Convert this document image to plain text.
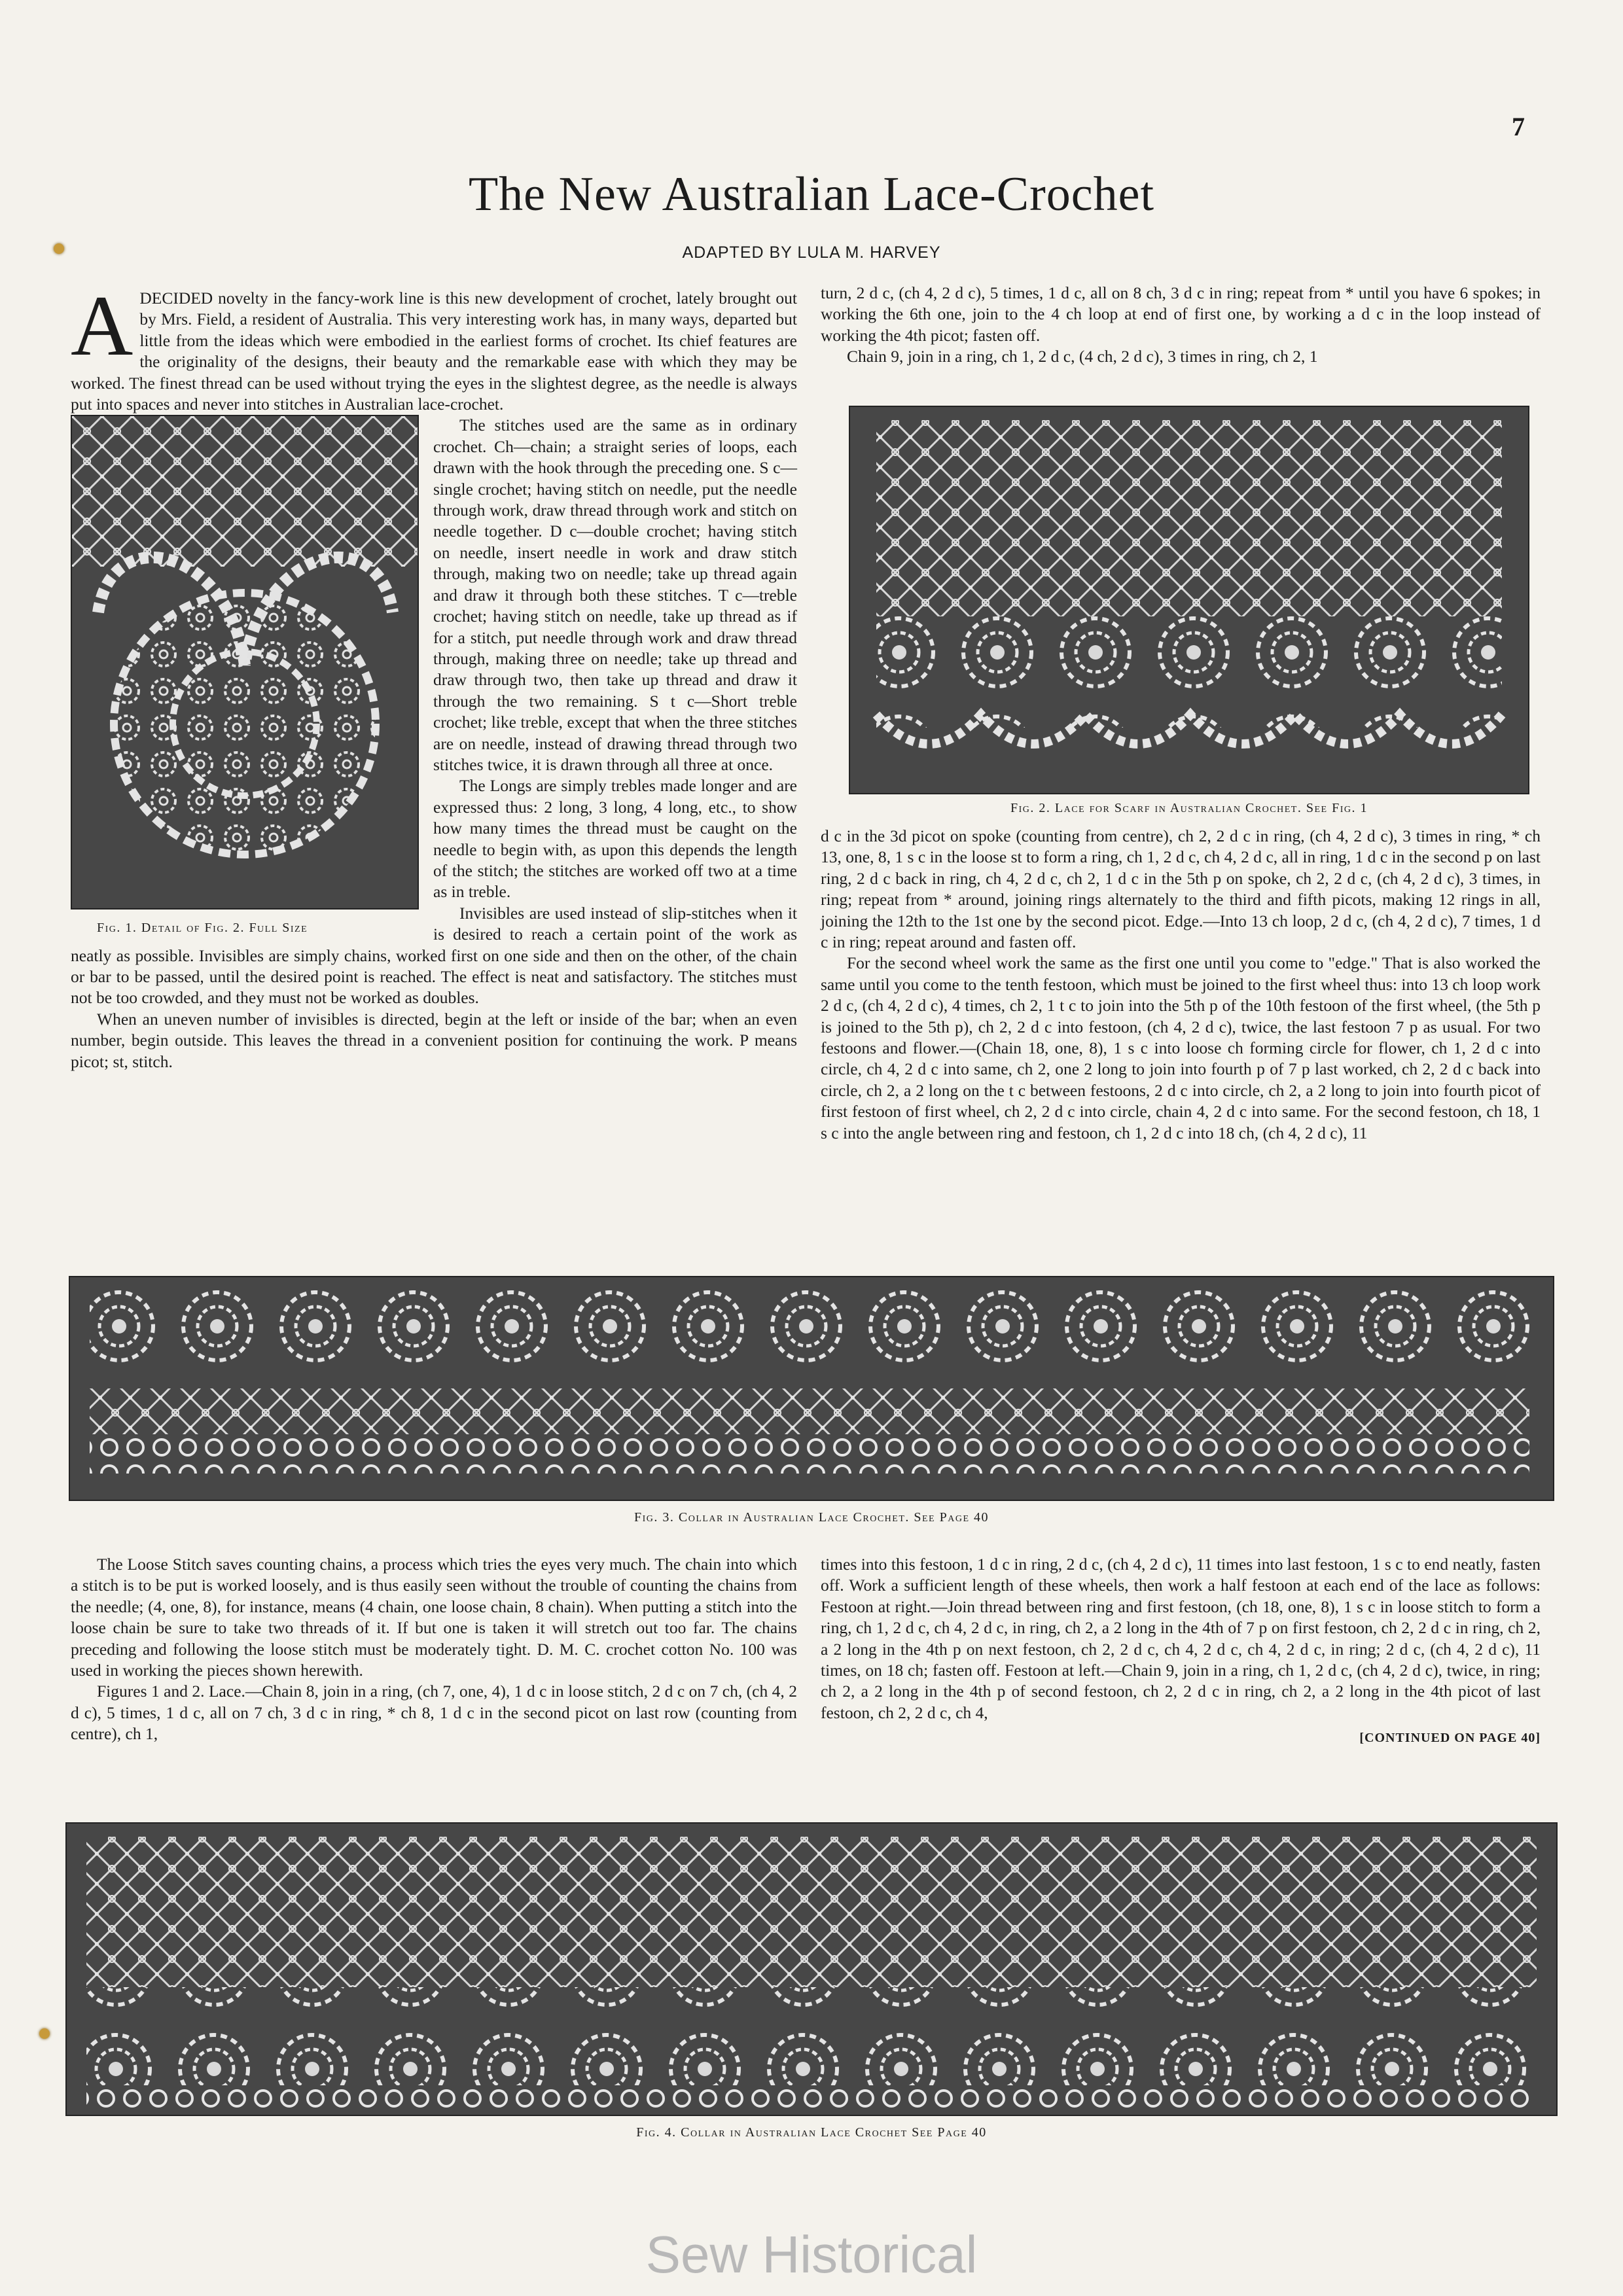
7
The New Australian Lace-Crochet
ADAPTED BY LULA M. HARVEY
A DECIDED novelty in the fancy-work line is this new development of crochet, lately brought out by Mrs. Field, a resident of Australia. This very interesting work has, in many ways, departed but little from the ideas which were embodied in the earliest forms of crochet. Its chief features are the originality of the designs, their beauty and the remarkable ease with which they may be worked. The finest thread can be used without trying the eyes in the slightest degree, as the needle is always put into spaces and never into stitches in Australian lace-crochet.

Fig. 1. Detail of Fig. 2. Full Size

The stitches used are the same as in ordinary crochet. Ch—chain; a straight series of loops, each drawn with the hook through the preceding one. S c—single crochet; having stitch on needle, put the needle through work, draw thread through work and stitch on needle together. D c—double crochet; having stitch on needle, insert needle in work and draw stitch through, making two on needle; take up thread again and draw it through both these stitches. T c—treble crochet; having stitch on needle, take up thread as if for a stitch, put needle through work and draw thread through, making three on needle; take up thread and draw through two, then take up thread and draw it through the two remaining. S t c—Short treble crochet; like treble, except that when the three stitches are on needle, instead of drawing thread through two stitches twice, it is drawn through all three at once.

The Longs are simply trebles made longer and are expressed thus: 2 long, 3 long, 4 long, etc., to show how many times the thread must be caught on the needle to begin with, as upon this depends the length of the stitch; the stitches are worked off two at a time as in treble.

Invisibles are used instead of slip-stitches when it is desired to reach a certain point of the work as neatly as possible. Invisibles are simply chains, worked first on one side and then on the other, of the chain or bar to be passed, until the desired point is reached. The effect is neat and satisfactory. The stitches must not be too crowded, and they must not be worked as doubles.

When an uneven number of invisibles is directed, begin at the left or inside of the bar; when an even number, begin outside. This leaves the thread in a convenient position for continuing the work. P means picot; st, stitch.

turn, 2 d c, (ch 4, 2 d c), 5 times, 1 d c, all on 8 ch, 3 d c in ring; repeat from * until you have 6 spokes; in working the 6th one, join to the 4 ch loop at end of first one, by working a d c in the loop instead of working the 4th picot; fasten off.

Chain 9, join in a ring, ch 1, 2 d c, (4 ch, 2 d c), 3 times in ring, ch 2, 1

Fig. 2. Lace for Scarf in Australian Crochet. See Fig. 1

d c in the 3d picot on spoke (counting from centre), ch 2, 2 d c in ring, (ch 4, 2 d c), 3 times in ring, * ch 13, one, 8, 1 s c in the loose st to form a ring, ch 1, 2 d c, ch 4, 2 d c, all in ring, 1 d c in the second p on last ring, 2 d c back in ring, ch 4, 2 d c, ch 2, 1 d c in the 5th p on spoke, ch 2, 2 d c, (ch 4, 2 d c), 3 times, in ring; repeat from * around, joining rings alternately to the third and fifth picots, making 12 rings in all, joining the 12th to the 1st one by the second picot. Edge.—Into 13 ch loop, 2 d c, (ch 4, 2 d c), 7 times, 1 d c in ring; repeat around and fasten off.

For the second wheel work the same as the first one until you come to "edge." That is also worked the same until you come to the tenth festoon, which must be joined to the first wheel thus: into 13 ch loop work 2 d c, (ch 4, 2 d c), 4 times, ch 2, 1 t c to join into the 5th p of the 10th festoon of the first wheel, (the 5th p is joined to the 5th p), ch 2, 2 d c into festoon, (ch 4, 2 d c), twice, the last festoon 7 p as usual. For two festoons and flower.—(Chain 18, one, 8), 1 s c into loose ch forming circle for flower, ch 1, 2 d c into circle, ch 4, 2 d c into same, ch 2, one 2 long to join into fourth p of 7 p last worked, ch 2, 2 d c back into circle, ch 2, a 2 long on the t c between festoons, 2 d c into circle, ch 2, a 2 long to join into fourth picot of first festoon of first wheel, ch 2, 2 d c into circle, chain 4, 2 d c into same. For the second festoon, ch 18, 1 s c into the angle between ring and festoon, ch 1, 2 d c into 18 ch, (ch 4, 2 d c), 11

Fig. 3. Collar in Australian Lace Crochet. See Page 40

The Loose Stitch saves counting chains, a process which tries the eyes very much. The chain into which a stitch is to be put is worked loosely, and is thus easily seen without the trouble of counting the chains from the needle; (4, one, 8), for instance, means (4 chain, one loose chain, 8 chain). When putting a stitch into the loose chain be sure to take two threads of it. If but one is taken it will stretch out too far. The chains preceding and following the loose stitch must be moderately tight. D. M. C. crochet cotton No. 100 was used in working the pieces shown herewith.

Figures 1 and 2. Lace.—Chain 8, join in a ring, (ch 7, one, 4), 1 d c in loose stitch, 2 d c on 7 ch, (ch 4, 2 d c), 5 times, 1 d c, all on 7 ch, 3 d c in ring, * ch 8, 1 d c in the second picot on last row (counting from centre), ch 1,

times into this festoon, 1 d c in ring, 2 d c, (ch 4, 2 d c), 11 times into last festoon, 1 s c to end neatly, fasten off. Work a sufficient length of these wheels, then work a half festoon at each end of the lace as follows: Festoon at right.—Join thread between ring and first festoon, (ch 18, one, 8), 1 s c in loose stitch to form a ring, ch 1, 2 d c, ch 4, 2 d c, in ring, ch 2, a 2 long in the 4th of 7 p on first festoon, ch 2, 2 d c in ring, ch 2, a 2 long in the 4th p on next festoon, ch 2, 2 d c, ch 4, 2 d c, ch 4, 2 d c, in ring; 2 d c, (ch 4, 2 d c), 11 times, on 18 ch; fasten off. Festoon at left.—Chain 9, join in a ring, ch 1, 2 d c, (ch 4, 2 d c), twice, in ring; ch 2, a 2 long in the 4th p of second festoon, ch 2, 2 d c in ring, ch 2, a 2 long in the 4th picot of last festoon, ch 2, 2 d c, ch 4,

[CONTINUED ON PAGE 40]
Fig. 4. Collar in Australian Lace Crochet See Page 40
Sew Historical
